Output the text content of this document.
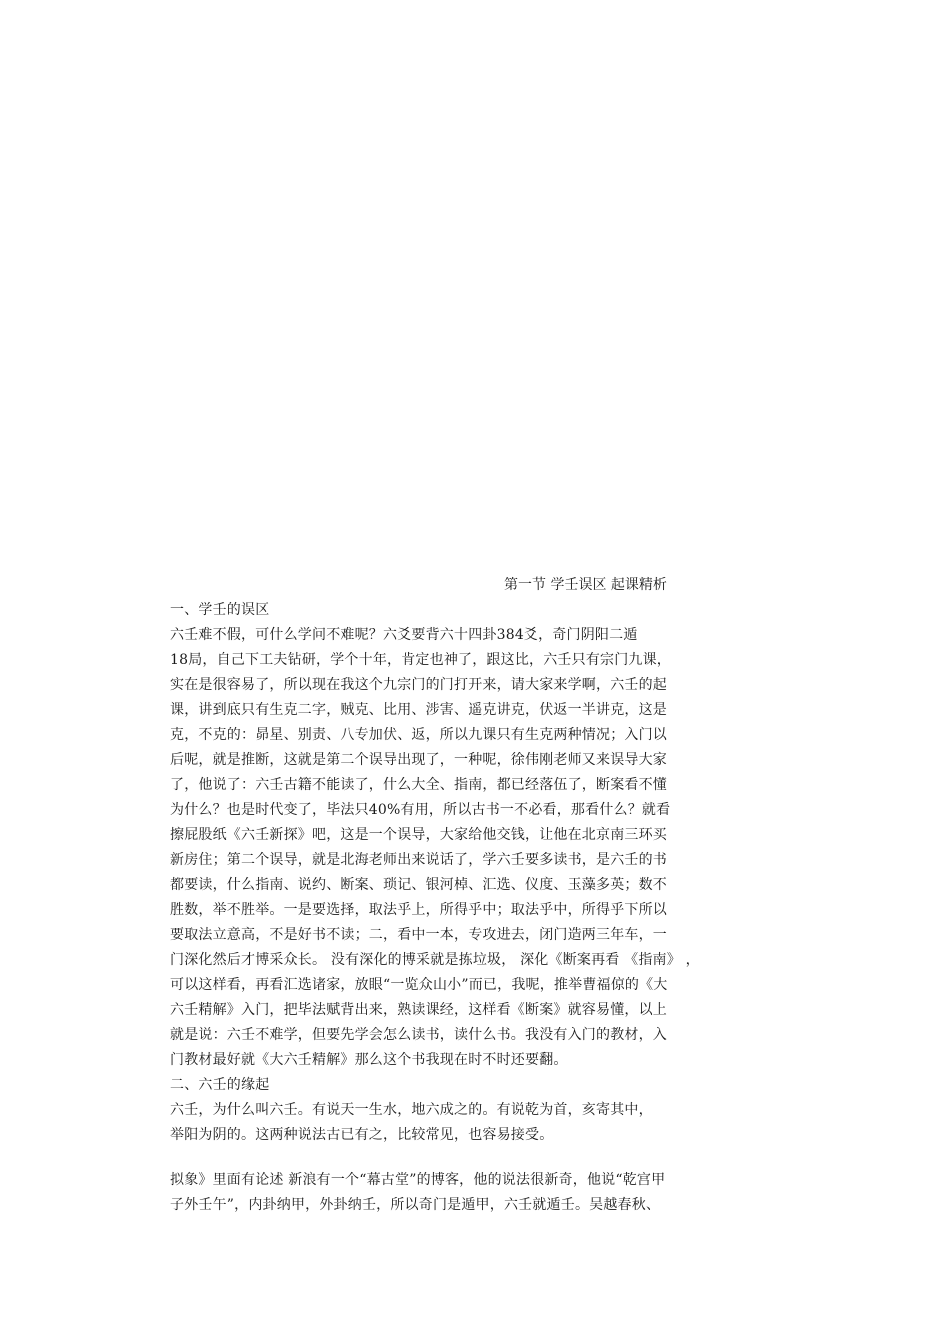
第一节 学壬误区 起课精析
一、学壬的误区
六壬难不假，可什么学问不难呢？六爻要背六十四卦384爻，奇门阴阳二遁
18局，自己下工夫钻研，学个十年，肯定也神了，跟这比，六壬只有宗门九课，
实在是很容易了，所以现在我这个九宗门的门打开来，请大家来学啊，六壬的起
课，讲到底只有生克二字，贼克、比用、涉害、遥克讲克，伏返一半讲克，这是
克，不克的：昴星、别责、八专加伏、返，所以九课只有生克两种情况；入门以
后呢，就是推断，这就是第二个误导出现了，一种呢，徐伟刚老师又来误导大家
了，他说了：六壬古籍不能读了，什么大全、指南，都已经落伍了，断案看不懂
为什么？也是时代变了，毕法只40%有用，所以古书一不必看，那看什么？就看
擦屁股纸《六壬新探》吧，这是一个误导，大家给他交钱，让他在北京南三环买
新房住；第二个误导，就是北海老师出来说话了，学六壬要多读书，是六壬的书
都要读，什么指南、说约、断案、琐记、银河棹、汇选、仪度、玉藻多英；数不
胜数，举不胜举。一是要选择，取法乎上，所得乎中；取法乎中，所得乎下所以
要取法立意高，不是好书不读；二，看中一本，专攻进去，闭门造两三年车，一
门深化然后才博采众长。 没有深化的博采就是拣垃圾， 深化《断案再看 《指南》 ，
可以这样看，再看汇选诸家，放眼“一览众山小”而已，我呢，推举曹福倞的《大
六壬精解》入门，把毕法赋背出来，熟读课经，这样看《断案》就容易懂，以上
就是说：六壬不难学，但要先学会怎么读书，读什么书。我没有入门的教材，入
门教材最好就《大六壬精解》那么这个书我现在时不时还要翻。
二、六壬的缘起
六壬，为什么叫六壬。有说天一生水，地六成之的。有说乾为首，亥寄其中，
举阳为阴的。这两种说法古已有之，比较常见，也容易接受。
拟象》里面有论述 新浪有一个“幕古堂”的博客，他的说法很新奇，他说“乾宫甲
子外壬午”，内卦纳甲，外卦纳壬，所以奇门是遁甲，六壬就遁壬。吴越春秋、
